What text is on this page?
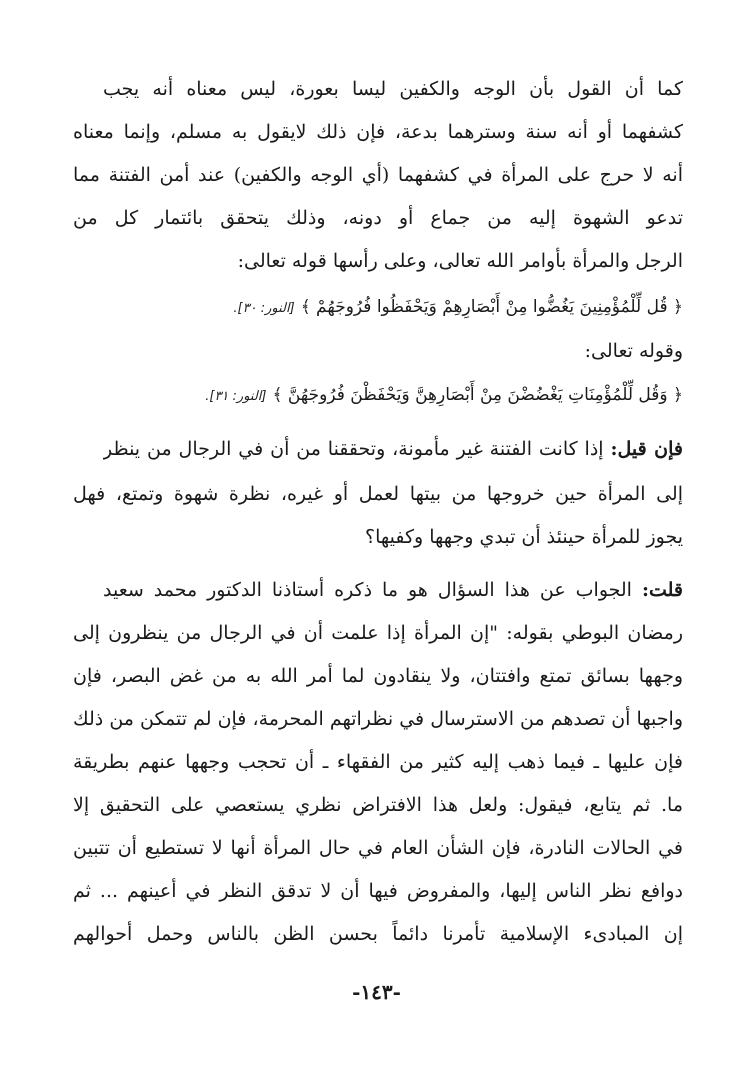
كما أن القول بأن الوجه والكفين ليسا بعورة، ليس معناه أنه يجب
كشفهما أو أنه سنة وسترهما بدعة، فإن ذلك لايقول به مسلم، وإنما معناه
أنه لا حرج على المرأة في كشفهما (أي الوجه والكفين) عند أمن الفتنة مما
تدعو الشهوة إليه من جماع أو دونه، وذلك يتحقق بائتمار كل من
الرجل والمرأة بأوامر الله تعالى، وعلى رأسها قوله تعالى:
﴿ قُل لِّلْمُؤْمِنِينَ يَغُضُّوا مِنْ أَبْصَارِهِمْ وَيَحْفَظُوا فُرُوجَهُمْ ﴾[النور: ٣٠].
وقوله تعالى:
﴿ وَقُل لِّلْمُؤْمِنَاتِ يَغْضُضْنَ مِنْ أَبْصَارِهِنَّ وَيَحْفَظْنَ فُرُوجَهُنَّ ﴾[النور: ٣١].
فإن قيل: إذا كانت الفتنة غير مأمونة، وتحققنا من أن في الرجال من ينظر
إلى المرأة حين خروجها من بيتها لعمل أو غيره، نظرة شهوة وتمتع، فهل
يجوز للمرأة حينئذ أن تبدي وجهها وكفيها؟
قلت: الجواب عن هذا السؤال هو ما ذكره أستاذنا الدكتور محمد سعيد
رمضان البوطي بقوله: "إن المرأة إذا علمت أن في الرجال من ينظرون إلى
وجهها بسائق تمتع وافتتان، ولا ينقادون لما أمر الله به من غض البصر، فإن
واجبها أن تصدهم من الاسترسال في نظراتهم المحرمة، فإن لم تتمكن من ذلك
فإن عليها ـ فيما ذهب إليه كثير من الفقهاء ـ أن تحجب وجهها عنهم بطريقة
ما. ثم يتابع، فيقول: ولعل هذا الافتراض نظري يستعصي على التحقيق إلا
في الحالات النادرة، فإن الشأن العام في حال المرأة أنها لا تستطيع أن تتبين
دوافع نظر الناس إليها، والمفروض فيها أن لا تدقق النظر في أعينهم ... ثم
إن المبادىء الإسلامية تأمرنا دائماً بحسن الظن بالناس وحمل أحوالهم
-١٤٣-
